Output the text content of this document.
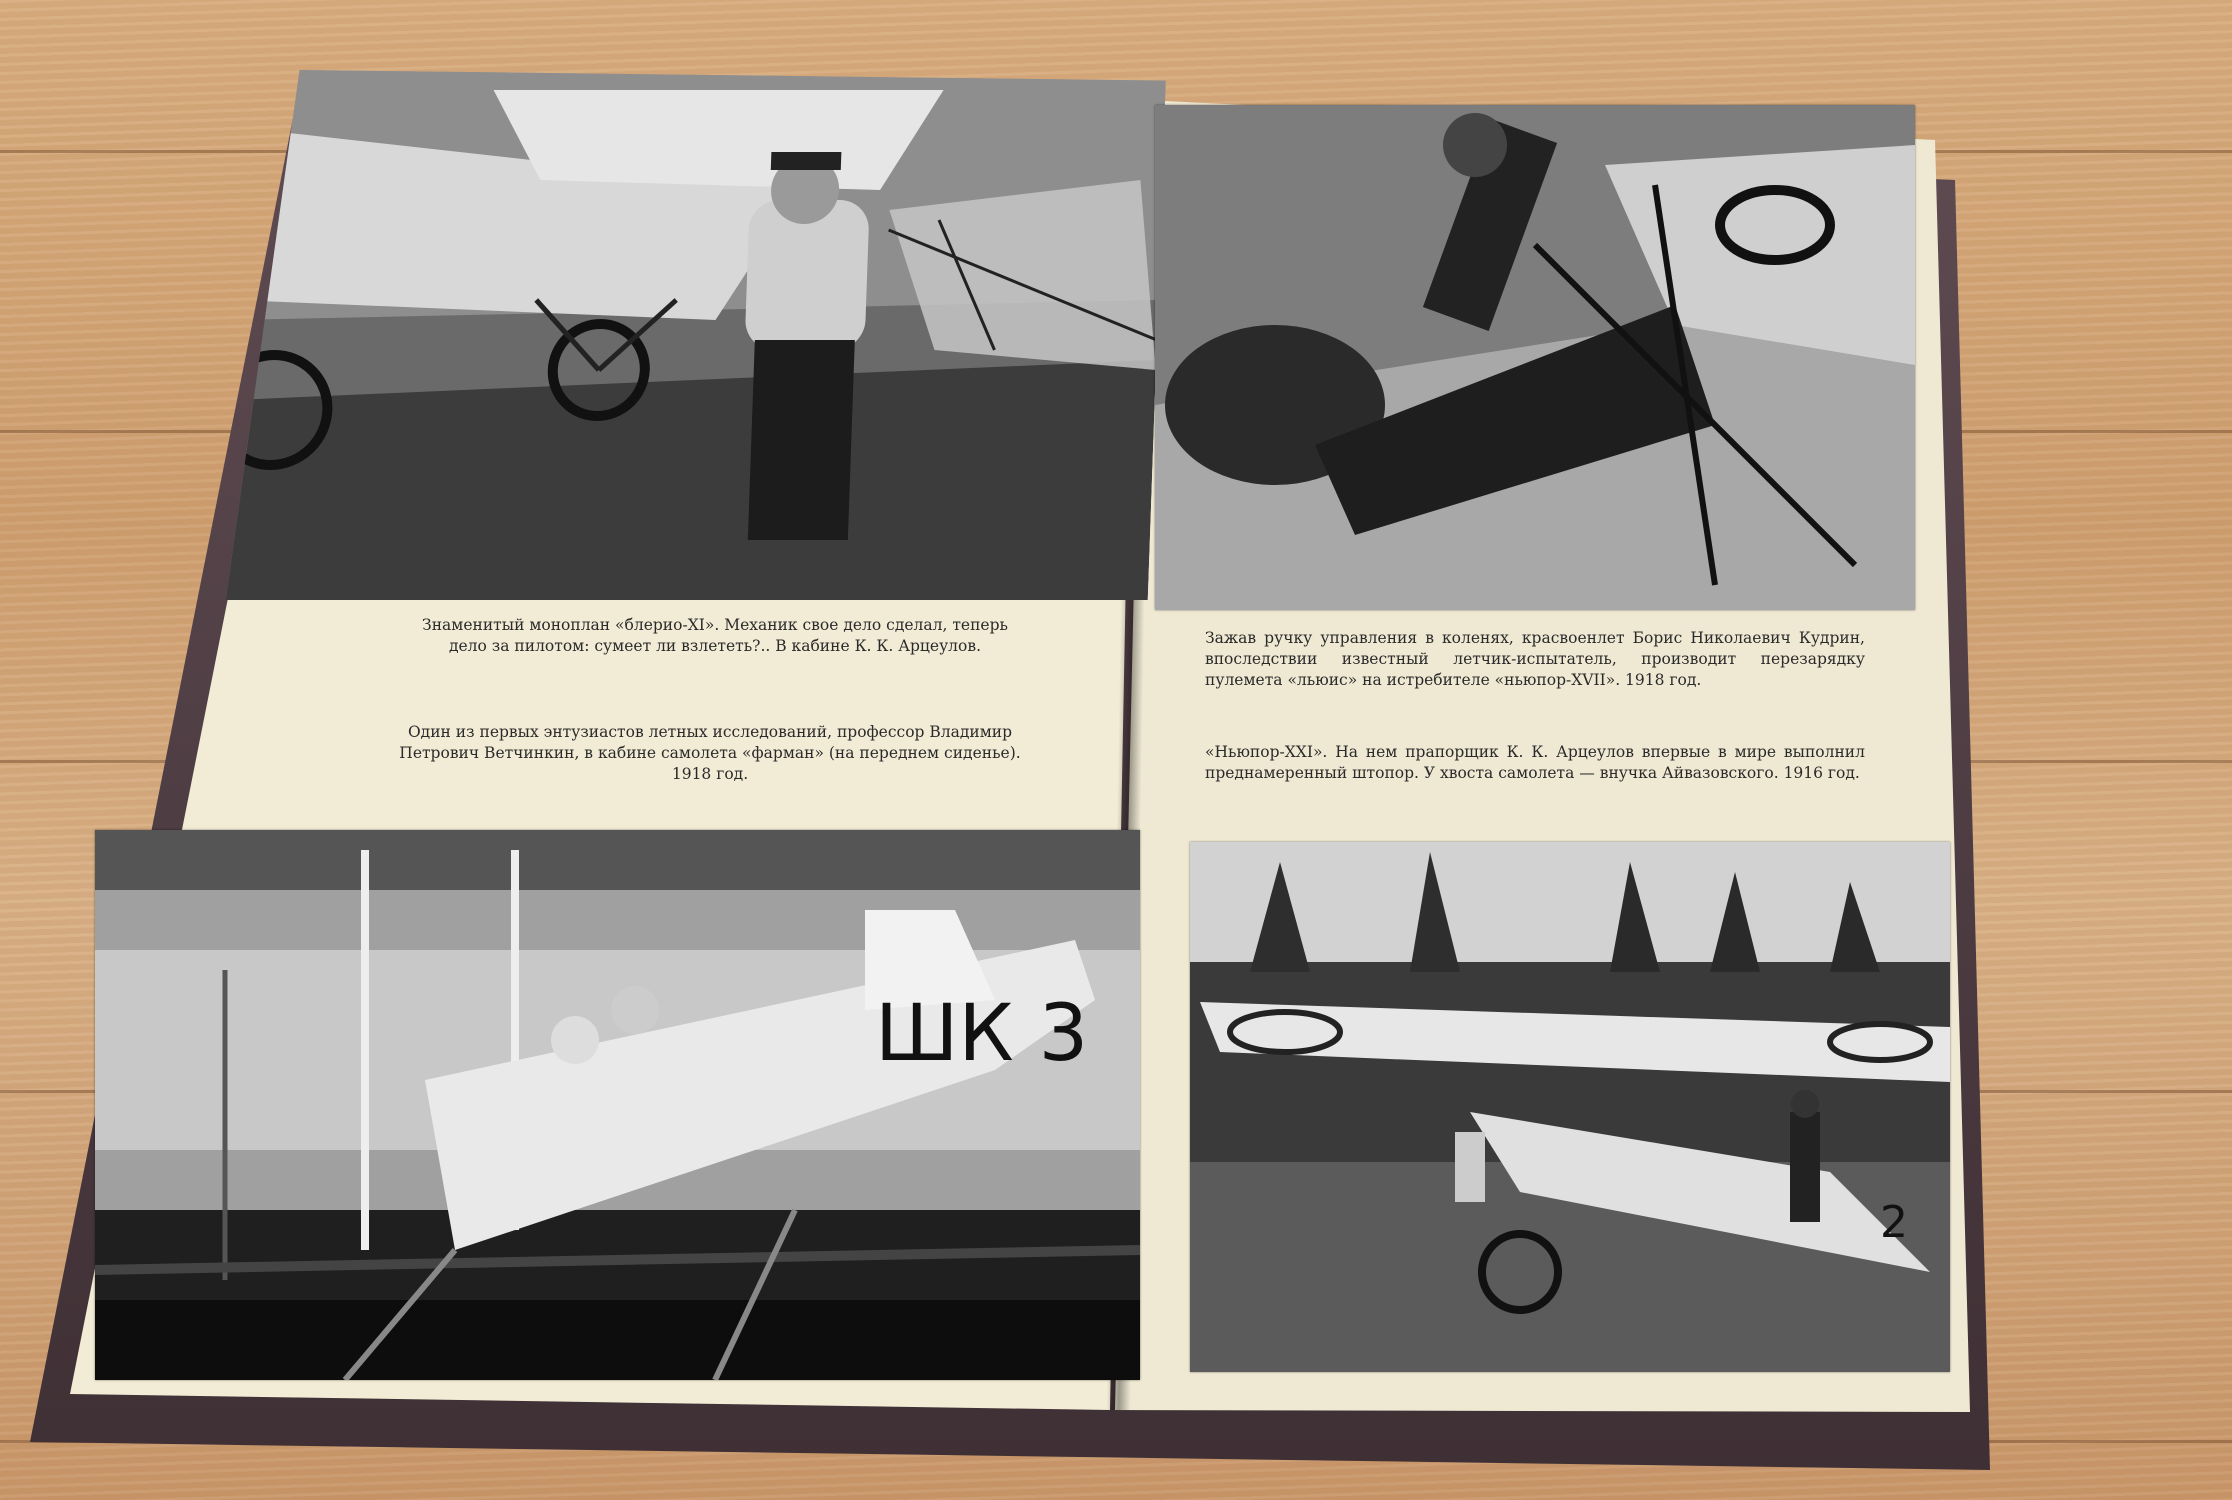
Знаменитый моноплан «блерио-XI». Механик свое дело сделал, теперь дело за пилотом: сумеет ли взлететь?.. В кабине К. К. Арцеулов.

Один из первых энтузиастов летных исследований, профессор Владимир Петрович Ветчинкин, в кабине самолета «фарман» (на переднем сиденье). 1918 год.

ШК 3

Зажав ручку управления в коленях, красвоенлет Борис Николаевич Кудрин, впоследствии известный летчик-испытатель, производит перезарядку пулемета «льюис» на истребителе «ньюпор-XVII». 1918 год.

«Ньюпор-XXI». На нем прапорщик К. К. Арцеулов впервые в мире выполнил преднамеренный штопор. У хвоста самолета — внучка Айвазовского. 1916 год.

2
